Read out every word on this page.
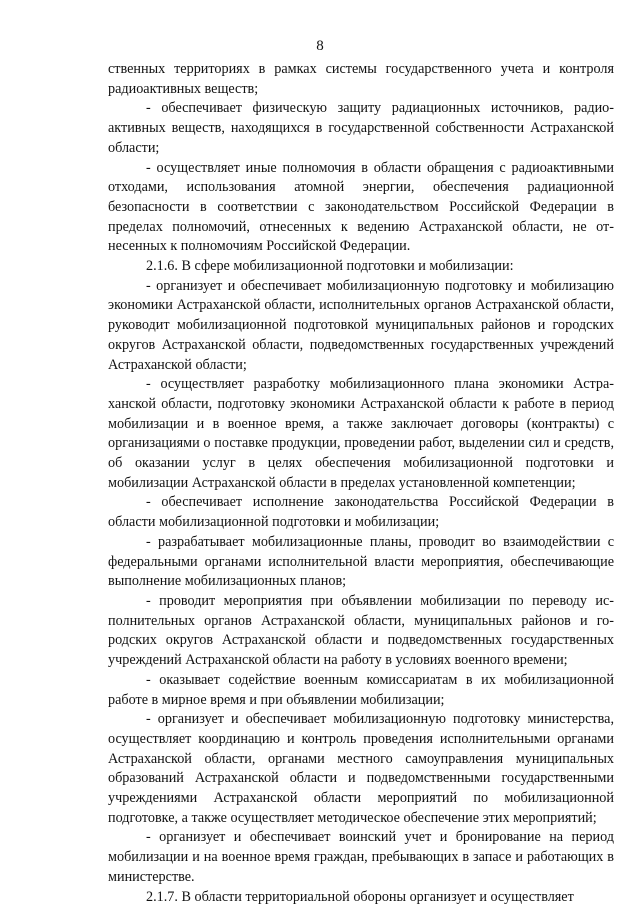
8

ственных территориях в рамках системы государственного учета и контроля радиоактивных веществ;

- обеспечивает физическую защиту радиационных источников, радиоактивных веществ, находящихся в государственной собственности Астраханской области;

- осуществляет иные полномочия в области обращения с радиоактивными отходами, использования атомной энергии, обеспечения радиационной безопасности в соответствии с законодательством Российской Федерации в пределах полномочий, отнесенных к ведению Астраханской области, не отнесенных к полномочиям Российской Федерации.

2.1.6. В сфере мобилизационной подготовки и мобилизации:

- организует и обеспечивает мобилизационную подготовку и мобилизацию экономики Астраханской области, исполнительных органов Астраханской области, руководит мобилизационной подготовкой муниципальных районов и городских округов Астраханской области, подведомственных государственных учреждений Астраханской области;

- осуществляет разработку мобилизационного плана экономики Астраханской области, подготовку экономики Астраханской области к работе в период мобилизации и в военное время, а также заключает договоры (контракты) с организациями о поставке продукции, проведении работ, выделении сил и средств, об оказании услуг в целях обеспечения мобилизационной подготовки и мобилизации Астраханской области в пределах установленной компетенции;

- обеспечивает исполнение законодательства Российской Федерации в области мобилизационной подготовки и мобилизации;

- разрабатывает мобилизационные планы, проводит во взаимодействии с федеральными органами исполнительной власти мероприятия, обеспечивающие выполнение мобилизационных планов;

- проводит мероприятия при объявлении мобилизации по переводу исполнительных органов Астраханской области, муниципальных районов и городских округов Астраханской области и подведомственных государственных учреждений Астраханской области на работу в условиях военного времени;

- оказывает содействие военным комиссариатам в их мобилизационной работе в мирное время и при объявлении мобилизации;

- организует и обеспечивает мобилизационную подготовку министерства, осуществляет координацию и контроль проведения исполнительными органами Астраханской области, органами местного самоуправления муниципальных образований Астраханской области и подведомственными государственными учреждениями Астраханской области мероприятий по мобилизационной подготовке, а также осуществляет методическое обеспечение этих мероприятий;

- организует и обеспечивает воинский учет и бронирование на период мобилизации и на военное время граждан, пребывающих в запасе и работающих в министерстве.

2.1.7. В области территориальной обороны организует и осуществляет
